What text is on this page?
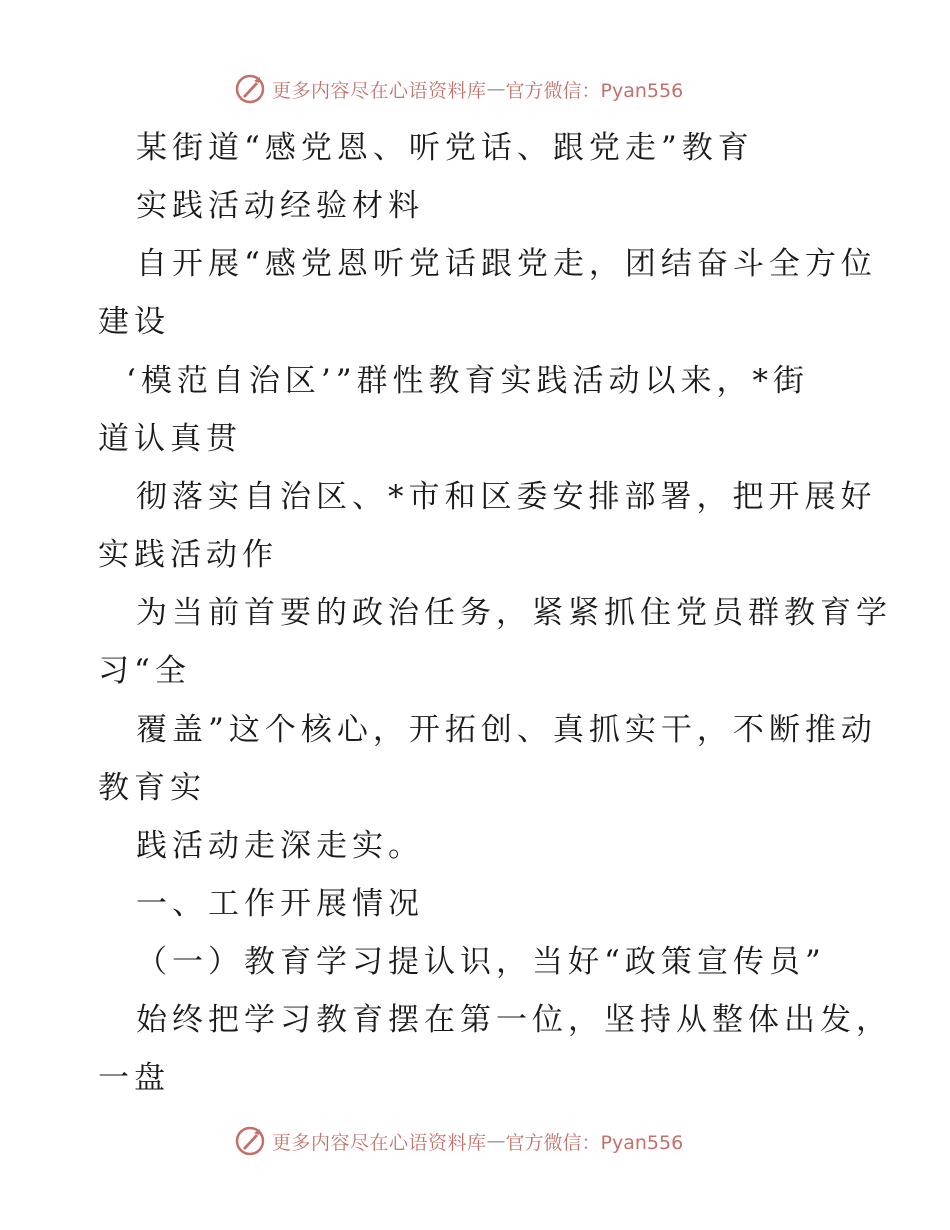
更多内容尽在心语资料库 — 官方微信：Pyan556
某街道“感党恩、听党话、跟党走”教育
实践活动经验材料
自开展“感党恩听党话跟党走，团结奋斗全方位
建设
‘模范自治区’”群性教育实践活动以来，*街
道认真贯
彻落实自治区、*市和区委安排部署，把开展好
实践活动作
为当前首要的政治任务，紧紧抓住党员群教育学
习“全
覆盖”这个核心，开拓创、真抓实干，不断推动
教育实
践活动走深走实。
一、工作开展情况
（一）教育学习提认识，当好“政策宣传员”
始终把学习教育摆在第一位，坚持从整体出发，
一盘
更多内容尽在心语资料库 — 官方微信：Pyan556
